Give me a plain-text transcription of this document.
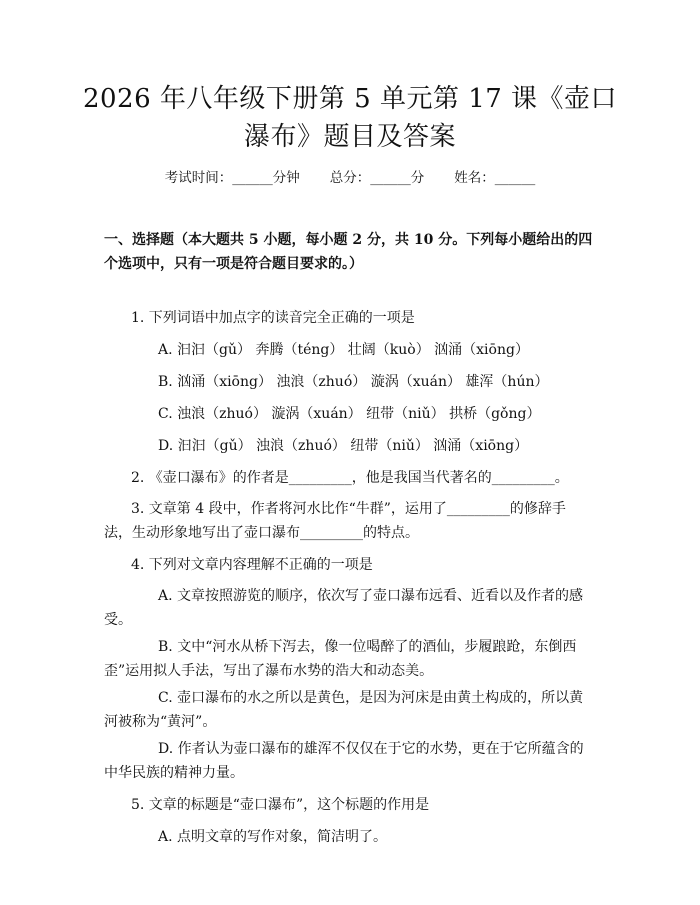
2026 年八年级下册第 5 单元第 17 课《壶口
瀑布》题目及答案
考试时间：______分钟 总分：______分 姓名：______
一、选择题（本大题共 5 小题，每小题 2 分，共 10 分。下列每小题给出的四个选项中，只有一项是符合题目要求的。）
1. 下列词语中加点字的读音完全正确的一项是
A. 汩汩（gǔ） 奔腾（téng） 壮阔（kuò） 汹涌（xiōng）
B. 汹涌（xiōng） 浊浪（zhuó） 漩涡（xuán） 雄浑（hún）
C. 浊浪（zhuó） 漩涡（xuán） 纽带（niǔ） 拱桥（gǒng）
D. 汩汩（gǔ） 浊浪（zhuó） 纽带（niǔ） 汹涌（xiōng）
2. 《壶口瀑布》的作者是_________，他是我国当代著名的_________。
3. 文章第 4 段中，作者将河水比作“牛群”，运用了_________的修辞手法，生动形象地写出了壶口瀑布_________的特点。
4. 下列对文章内容理解不正确的一项是
A. 文章按照游览的顺序，依次写了壶口瀑布远看、近看以及作者的感受。
B. 文中“河水从桥下泻去，像一位喝醉了的酒仙，步履踉跄，东倒西歪”运用拟人手法，写出了瀑布水势的浩大和动态美。
C. 壶口瀑布的水之所以是黄色，是因为河床是由黄土构成的，所以黄河被称为“黄河”。
D. 作者认为壶口瀑布的雄浑不仅仅在于它的水势，更在于它所蕴含的中华民族的精神力量。
5. 文章的标题是“壶口瀑布”，这个标题的作用是
A. 点明文章的写作对象，简洁明了。
